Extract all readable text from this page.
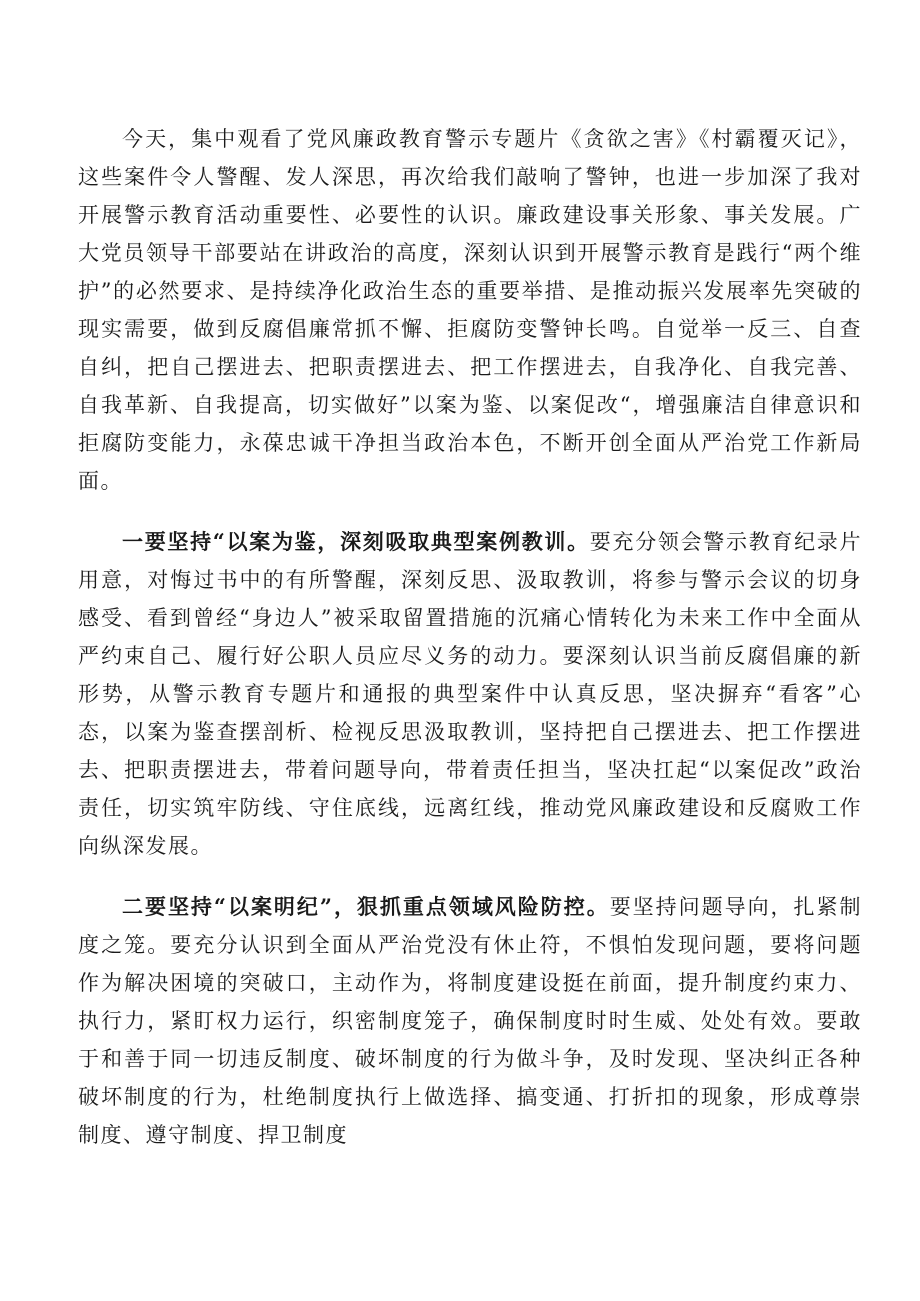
今天，集中观看了党风廉政教育警示专题片《贪欲之害》《村霸覆灭记》，这些案件令人警醒、发人深思，再次给我们敲响了警钟，也进一步加深了我对开展警示教育活动重要性、必要性的认识。廉政建设事关形象、事关发展。广大党员领导干部要站在讲政治的高度，深刻认识到开展警示教育是践行“两个维护”的必然要求、是持续净化政治生态的重要举措、是推动振兴发展率先突破的现实需要，做到反腐倡廉常抓不懈、拒腐防变警钟长鸣。自觉举一反三、自查自纠，把自己摆进去、把职责摆进去、把工作摆进去，自我净化、自我完善、自我革新、自我提高，切实做好”以案为鉴、以案促改“，增强廉洁自律意识和拒腐防变能力，永葆忠诚干净担当政治本色，不断开创全面从严治党工作新局面。

一要坚持“以案为鉴，深刻吸取典型案例教训。要充分领会警示教育纪录片用意，对悔过书中的有所警醒，深刻反思、汲取教训，将参与警示会议的切身感受、看到曾经“身边人”被采取留置措施的沉痛心情转化为未来工作中全面从严约束自己、履行好公职人员应尽义务的动力。要深刻认识当前反腐倡廉的新形势，从警示教育专题片和通报的典型案件中认真反思，坚决摒弃“看客”心态，以案为鉴查摆剖析、检视反思汲取教训，坚持把自己摆进去、把工作摆进去、把职责摆进去，带着问题导向，带着责任担当，坚决扛起“以案促改”政治责任，切实筑牢防线、守住底线，远离红线，推动党风廉政建设和反腐败工作向纵深发展。

二要坚持“以案明纪”，狠抓重点领域风险防控。要坚持问题导向，扎紧制度之笼。要充分认识到全面从严治党没有休止符，不惧怕发现问题，要将问题作为解决困境的突破口，主动作为，将制度建设挺在前面，提升制度约束力、执行力，紧盯权力运行，织密制度笼子，确保制度时时生威、处处有效。要敢于和善于同一切违反制度、破坏制度的行为做斗争，及时发现、坚决纠正各种破坏制度的行为，杜绝制度执行上做选择、搞变通、打折扣的现象，形成尊崇制度、遵守制度、捍卫制度
